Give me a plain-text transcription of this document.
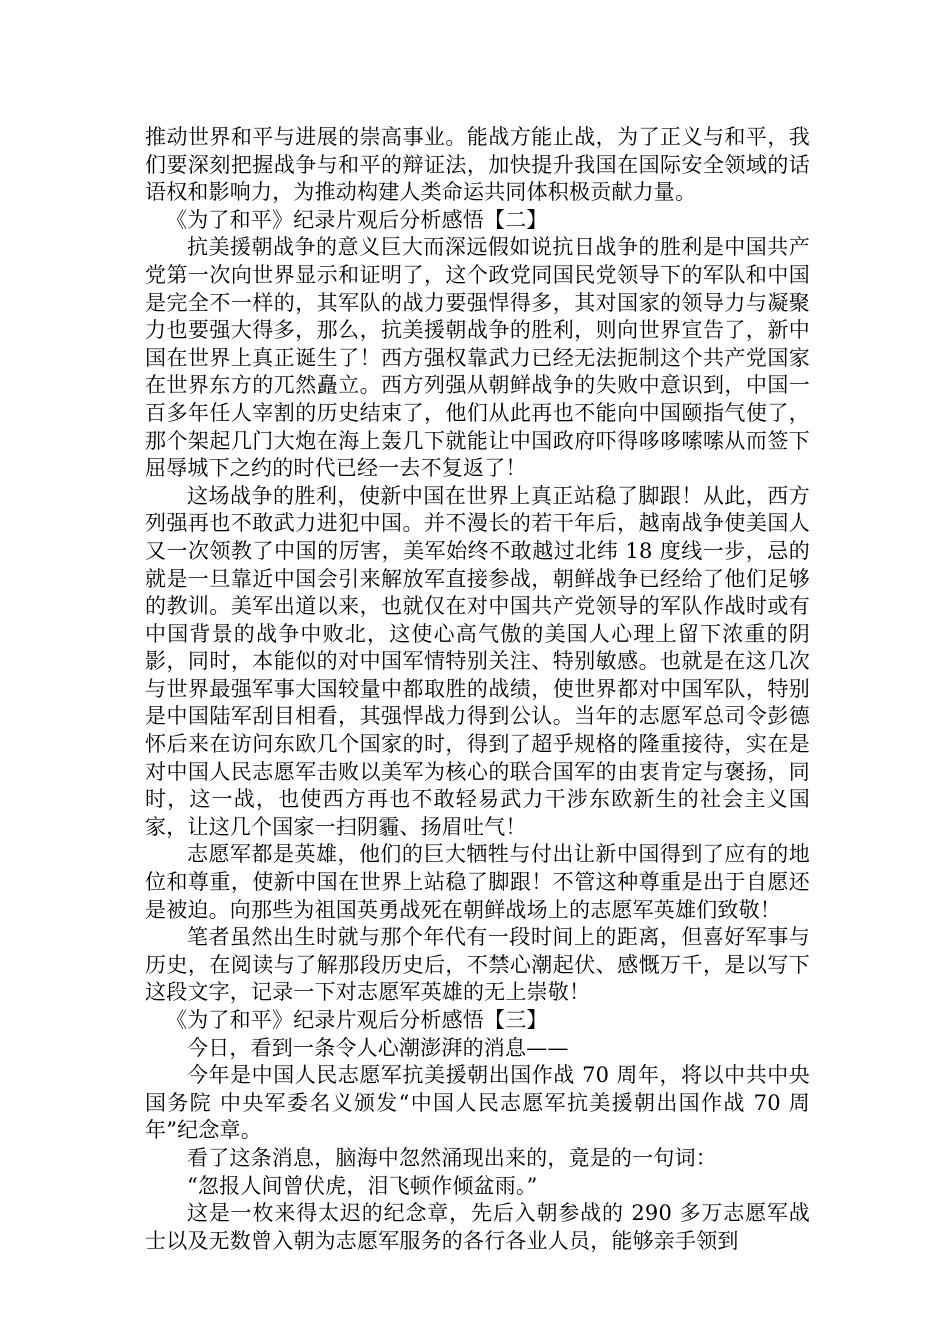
推动世界和平与进展的崇高事业。能战方能止战，为了正义与和平，我们要深刻把握战争与和平的辩证法，加快提升我国在国际安全领域的话语权和影响力，为推动构建人类命运共同体积极贡献力量。

《为了和平》纪录片观后分析感悟【二】

抗美援朝战争的意义巨大而深远假如说抗日战争的胜利是中国共产党第一次向世界显示和证明了，这个政党同国民党领导下的军队和中国是完全不一样的，其军队的战力要强悍得多，其对国家的领导力与凝聚力也要强大得多，那么，抗美援朝战争的胜利，则向世界宣告了，新中国在世界上真正诞生了！西方强权靠武力已经无法扼制这个共产党国家在世界东方的兀然矗立。西方列强从朝鲜战争的失败中意识到，中国一百多年任人宰割的历史结束了，他们从此再也不能向中国颐指气使了，那个架起几门大炮在海上轰几下就能让中国政府吓得哆哆嗦嗦从而签下屈辱城下之约的时代已经一去不复返了！

这场战争的胜利，使新中国在世界上真正站稳了脚跟！从此，西方列强再也不敢武力进犯中国。并不漫长的若干年后，越南战争使美国人又一次领教了中国的厉害，美军始终不敢越过北纬 18 度线一步，忌的就是一旦靠近中国会引来解放军直接参战，朝鲜战争已经给了他们足够的教训。美军出道以来，也就仅在对中国共产党领导的军队作战时或有中国背景的战争中败北，这使心高气傲的美国人心理上留下浓重的阴影，同时，本能似的对中国军情特别关注、特别敏感。也就是在这几次与世界最强军事大国较量中都取胜的战绩，使世界都对中国军队，特别是中国陆军刮目相看，其强悍战力得到公认。当年的志愿军总司令彭德怀后来在访问东欧几个国家的时，得到了超乎规格的隆重接待，实在是对中国人民志愿军击败以美军为核心的联合国军的由衷肯定与褒扬，同时，这一战，也使西方再也不敢轻易武力干涉东欧新生的社会主义国家，让这几个国家一扫阴霾、扬眉吐气！

志愿军都是英雄，他们的巨大牺牲与付出让新中国得到了应有的地位和尊重，使新中国在世界上站稳了脚跟！不管这种尊重是出于自愿还是被迫。向那些为祖国英勇战死在朝鲜战场上的志愿军英雄们致敬！

笔者虽然出生时就与那个年代有一段时间上的距离，但喜好军事与历史，在阅读与了解那段历史后，不禁心潮起伏、感慨万千，是以写下这段文字，记录一下对志愿军英雄的无上崇敬！

《为了和平》纪录片观后分析感悟【三】

今日，看到一条令人心潮澎湃的消息——

今年是中国人民志愿军抗美援朝出国作战 70 周年，将以中共中央 国务院 中央军委名义颁发“中国人民志愿军抗美援朝出国作战 70 周年”纪念章。

看了这条消息，脑海中忽然涌现出来的，竟是的一句词：

“忽报人间曾伏虎，泪飞顿作倾盆雨。”

这是一枚来得太迟的纪念章，先后入朝参战的 290 多万志愿军战士以及无数曾入朝为志愿军服务的各行各业人员，能够亲手领到
